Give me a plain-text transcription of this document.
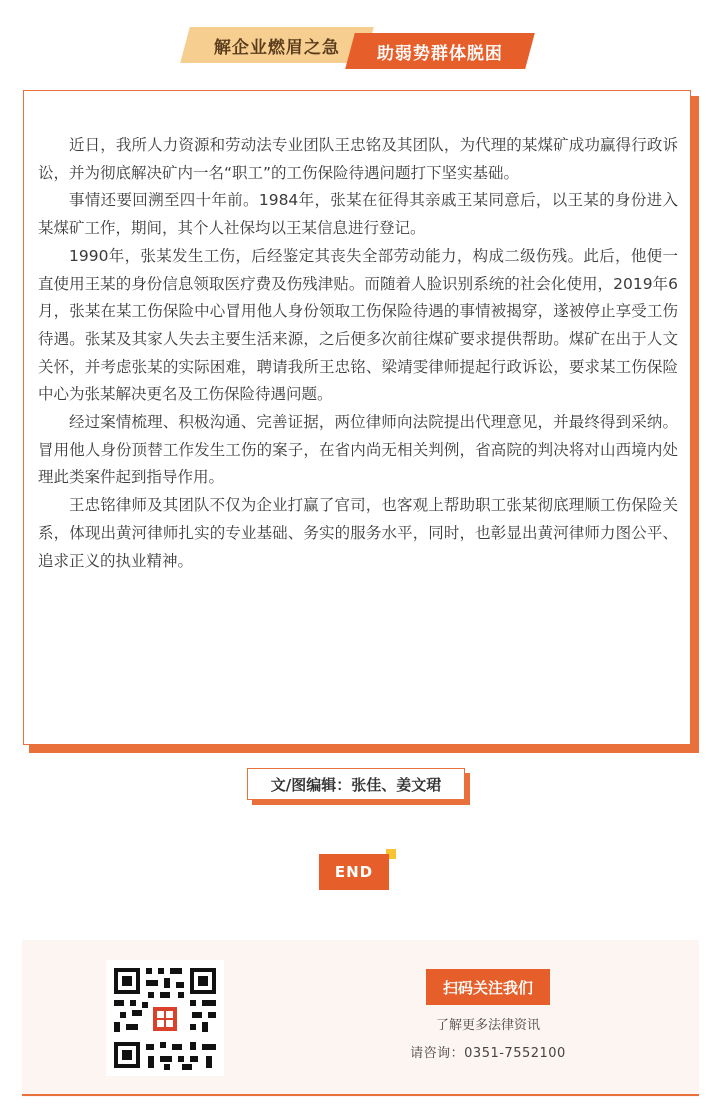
解企业燃眉之急 助弱势群体脱困

近日，我所人力资源和劳动法专业团队王忠铭及其团队，为代理的某煤矿成功赢得行政诉讼，并为彻底解决矿内一名“职工”的工伤保险待遇问题打下坚实基础。

事情还要回溯至四十年前。1984年，张某在征得其亲戚王某同意后，以王某的身份进入某煤矿工作，期间，其个人社保均以王某信息进行登记。

1990年，张某发生工伤，后经鉴定其丧失全部劳动能力，构成二级伤残。此后，他便一直使用王某的身份信息领取医疗费及伤残津贴。而随着人脸识别系统的社会化使用，2019年6月，张某在某工伤保险中心冒用他人身份领取工伤保险待遇的事情被揭穿，遂被停止享受工伤待遇。张某及其家人失去主要生活来源，之后便多次前往煤矿要求提供帮助。煤矿在出于人文关怀，并考虑张某的实际困难，聘请我所王忠铭、梁靖雯律师提起行政诉讼，要求某工伤保险中心为张某解决更名及工伤保险待遇问题。

经过案情梳理、积极沟通、完善证据，两位律师向法院提出代理意见，并最终得到采纳。冒用他人身份顶替工作发生工伤的案子，在省内尚无相关判例，省高院的判决将对山西境内处理此类案件起到指导作用。

王忠铭律师及其团队不仅为企业打赢了官司，也客观上帮助职工张某彻底理顺工伤保险关系，体现出黄河律师扎实的专业基础、务实的服务水平，同时，也彰显出黄河律师力图公平、追求正义的执业精神。

文/图编辑：张佳、姜文珺
END
扫码关注我们
了解更多法律资讯
请咨询：0351-7552100
